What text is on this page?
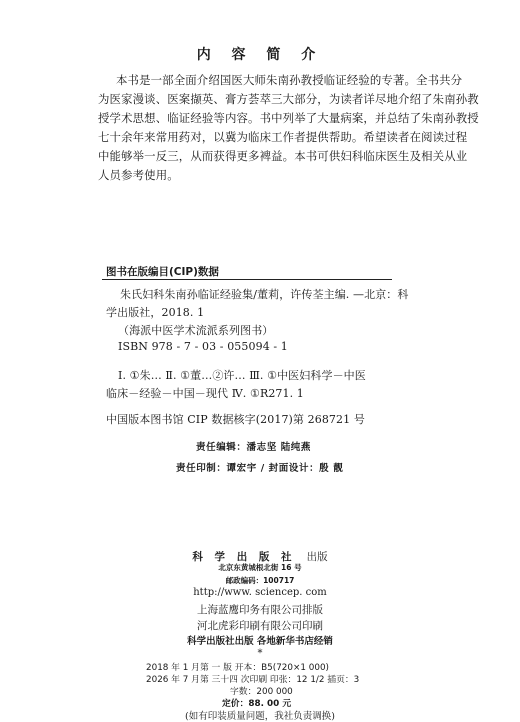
内 容 简 介
本书是一部全面介绍国医大师朱南孙教授临证经验的专著。全书共分
为医家漫谈、医案撷英、膏方荟萃三大部分，为读者详尽地介绍了朱南孙教
授学术思想、临证经验等内容。书中列举了大量病案，并总结了朱南孙教授
七十余年来常用药对，以冀为临床工作者提供帮助。希望读者在阅读过程
中能够举一反三，从而获得更多裨益。本书可供妇科临床医生及相关从业
人员参考使用。
图书在版编目(CIP)数据
朱氏妇科朱南孙临证经验集/董莉，许传荃主编. —北京：科
学出版社，2018. 1
（海派中医学术流派系列图书）
ISBN 978 - 7 - 03 - 055094 - 1
Ⅰ. ①朱… Ⅱ. ①董…②许… Ⅲ. ①中医妇科学－中医
临床－经验－中国－现代 Ⅳ. ①R271. 1
中国版本图书馆 CIP 数据核字(2017)第 268721 号
责任编辑：潘志坚 陆纯燕
责任印制：谭宏宇 / 封面设计：殷 靓
科 学 出 版 社 出版
北京东黄城根北街 16 号
邮政编码：100717
http://www. sciencep. com
上海蓝鹰印务有限公司排版
河北虎彩印刷有限公司印刷
科学出版社出版 各地新华书店经销
*
2018 年 1 月第 一 版 开本：B5(720×1 000)
2026 年 7 月第 三十四 次印刷 印张：12 1/2 插页：3
字数：200 000
定价：88. 00 元
(如有印装质量问题，我社负责调换)
